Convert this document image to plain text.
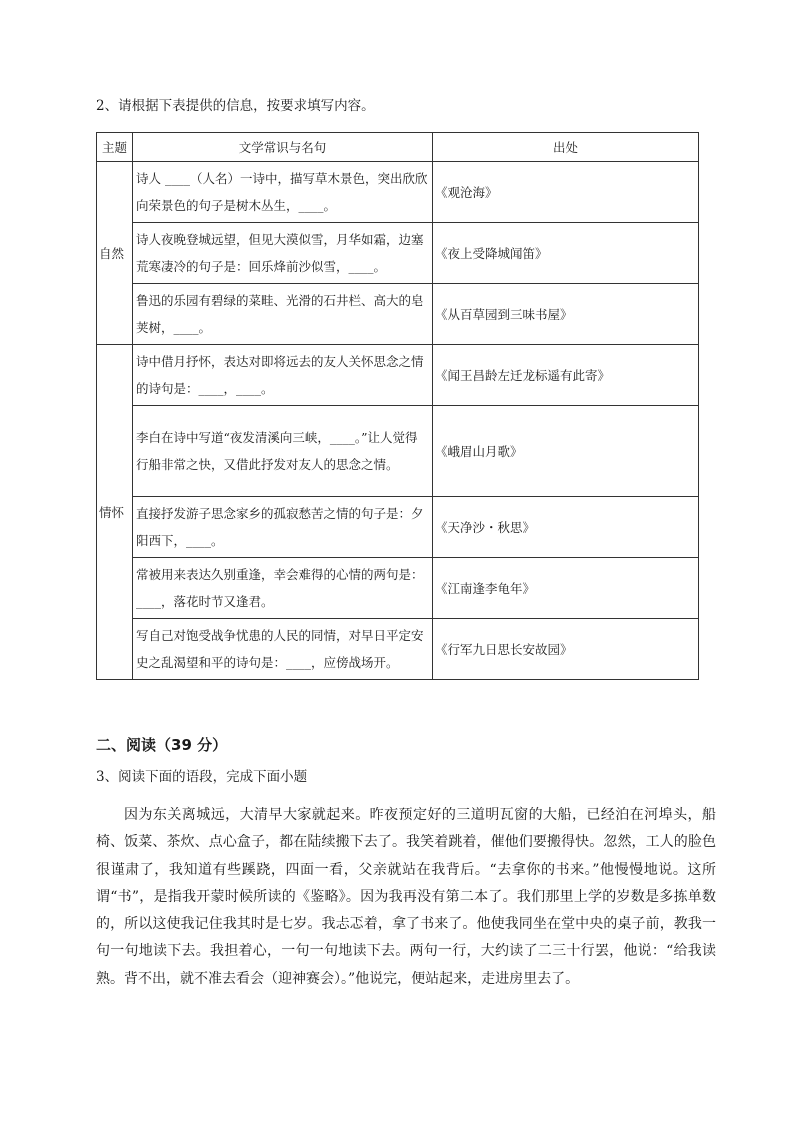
2、请根据下表提供的信息，按要求填写内容。
主题	文学常识与名句	出处
自然	诗人 ____（人名）一诗中，描写草木景色，突出欣欣向荣景色的句子是树木丛生，____。	《观沧海》
	诗人夜晚登城远望，但见大漠似雪，月华如霜，边塞荒寒凄冷的句子是：回乐烽前沙似雪，____。	《夜上受降城闻笛》
	鲁迅的乐园有碧绿的菜畦、光滑的石井栏、高大的皂荚树，____。	《从百草园到三味书屋》
情怀	诗中借月抒怀，表达对即将远去的友人关怀思念之情的诗句是：____，____。	《闻王昌龄左迁龙标遥有此寄》
	李白在诗中写道“夜发清溪向三峡，____。”让人觉得行船非常之快，又借此抒发对友人的思念之情。	《峨眉山月歌》
	直接抒发游子思念家乡的孤寂愁苦之情的句子是：夕阳西下，____。	《天净沙・秋思》
	常被用来表达久别重逢，幸会难得的心情的两句是：____，落花时节又逢君。	《江南逢李龟年》
	写自己对饱受战争忧患的人民的同情，对早日平定安史之乱渴望和平的诗句是：____，应傍战场开。	《行军九日思长安故园》
二、阅读（39 分）
3、阅读下面的语段，完成下面小题
因为东关离城远，大清早大家就起来。昨夜预定好的三道明瓦窗的大船，已经泊在河埠头，船椅、饭菜、茶炊、点心盒子，都在陆续搬下去了。我笑着跳着，催他们要搬得快。忽然，工人的脸色很谨肃了，我知道有些蹊跷，四面一看，父亲就站在我背后。“去拿你的书来。”他慢慢地说。这所谓“书”，是指我开蒙时候所读的《鉴略》。因为我再没有第二本了。我们那里上学的岁数是多拣单数的，所以这使我记住我其时是七岁。我忐忑着，拿了书来了。他使我同坐在堂中央的桌子前，教我一句一句地读下去。我担着心，一句一句地读下去。两句一行，大约读了二三十行罢，他说：“给我读熟。背不出，就不准去看会（迎神赛会）。”他说完，便站起来，走进房里去了。
